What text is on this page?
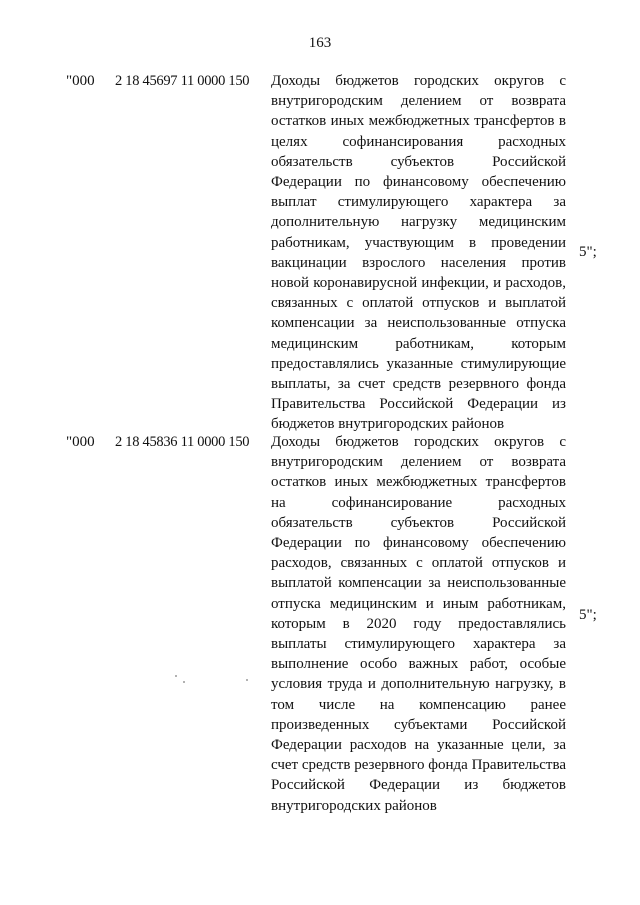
163
"000 2 18 45697 11 0000 150 Доходы бюджетов городских округов с
внутригородским делением от возврата
остатков иных межбюджетных трансфертов в
целях софинансирования расходных
обязательств субъектов Российской
Федерации по финансовому обеспечению
выплат стимулирующего характера за
дополнительную нагрузку медицинским
работникам, участвующим в проведении
вакцинации взрослого населения против
новой коронавирусной инфекции, и расходов,
связанных с оплатой отпусков и выплатой
компенсации за неиспользованные отпуска
медицинским работникам, которым
предоставлялись указанные стимулирующие
выплаты, за счет средств резервного фонда
Правительства Российской Федерации из
бюджетов внутригородских районов
5";
"000 2 18 45836 11 0000 150 Доходы бюджетов городских округов с
внутригородским делением от возврата
остатков иных межбюджетных трансфертов
на софинансирование расходных
обязательств субъектов Российской
Федерации по финансовому обеспечению
расходов, связанных с оплатой отпусков и
выплатой компенсации за неиспользованные
отпуска медицинским и иным работникам,
которым в 2020 году предоставлялись
выплаты стимулирующего характера за
выполнение особо важных работ, особые
условия труда и дополнительную нагрузку, в
том числе на компенсацию ранее
произведенных субъектами Российской
Федерации расходов на указанные цели, за
счет средств резервного фонда Правительства
Российской Федерации из бюджетов
внутригородских районов
5";
